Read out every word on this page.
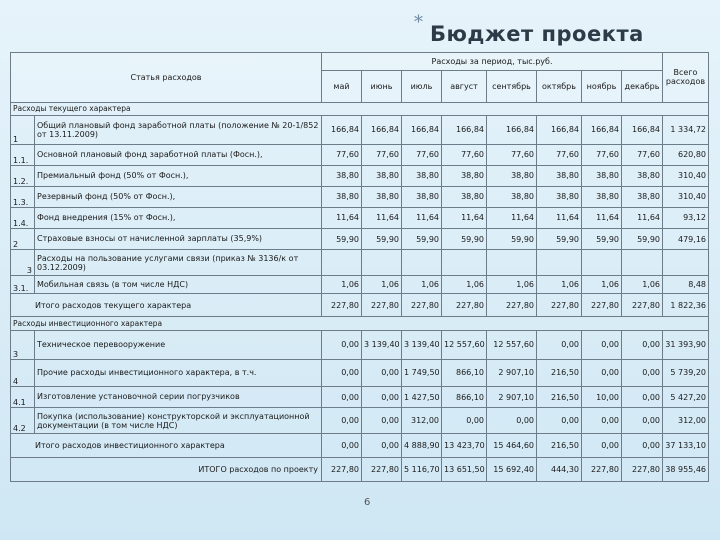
* Бюджет проекта
Статья расходов		Расходы за период, тыс.руб.								Всего расходов
		май	июнь	июль	август	сентябрь	октябрь	ноябрь	декабрь	
Расходы текущего характера										
1	Общий плановый фонд заработной платы (положение № 20-1/852 от 13.11.2009)	166,84	166,84	166,84	166,84	166,84	166,84	166,84	166,84	1 334,72
1.1.	Основной плановый фонд заработной платы (Фосн.),	77,60	77,60	77,60	77,60	77,60	77,60	77,60	77,60	620,80
1.2.	Премиальный фонд (50% от Фосн.),	38,80	38,80	38,80	38,80	38,80	38,80	38,80	38,80	310,40
1.3.	Резервный фонд (50% от Фосн.),	38,80	38,80	38,80	38,80	38,80	38,80	38,80	38,80	310,40
1.4.	Фонд внедрения (15% от Фосн.),	11,64	11,64	11,64	11,64	11,64	11,64	11,64	11,64	93,12
2	Страховые взносы от начисленной зарплаты (35,9%)	59,90	59,90	59,90	59,90	59,90	59,90	59,90	59,90	479,16
3	Расходы на пользование услугами связи (приказ № 3136/к от 03.12.2009)									
3.1.	Мобильная связь (в том числе НДС)	1,06	1,06	1,06	1,06	1,06	1,06	1,06	1,06	8,48
Итого расходов текущего характера		227,80	227,80	227,80	227,80	227,80	227,80	227,80	227,80	1 822,36
Расходы инвестиционного характера										
3	Техническое перевооружение	0,00	3 139,40	3 139,40	12 557,60	12 557,60	0,00	0,00	0,00	31 393,90
4	Прочие расходы инвестиционного характера, в т.ч.	0,00	0,00	1 749,50	866,10	2 907,10	216,50	0,00	0,00	5 739,20
4.1	Изготовление установочной серии погрузчиков	0,00	0,00	1 427,50	866,10	2 907,10	216,50	10,00	0,00	5 427,20
4.2	Покупка (использование) конструкторской и эксплуатационной документации (в том числе НДС)	0,00	0,00	312,00	0,00	0,00	0,00	0,00	0,00	312,00
Итого расходов инвестиционного характера		0,00	0,00	4 888,90	13 423,70	15 464,60	216,50	0,00	0,00	37 133,10
ИТОГО расходов по проекту		227,80	227,80	5 116,70	13 651,50	15 692,40	444,30	227,80	227,80	38 955,46
6
